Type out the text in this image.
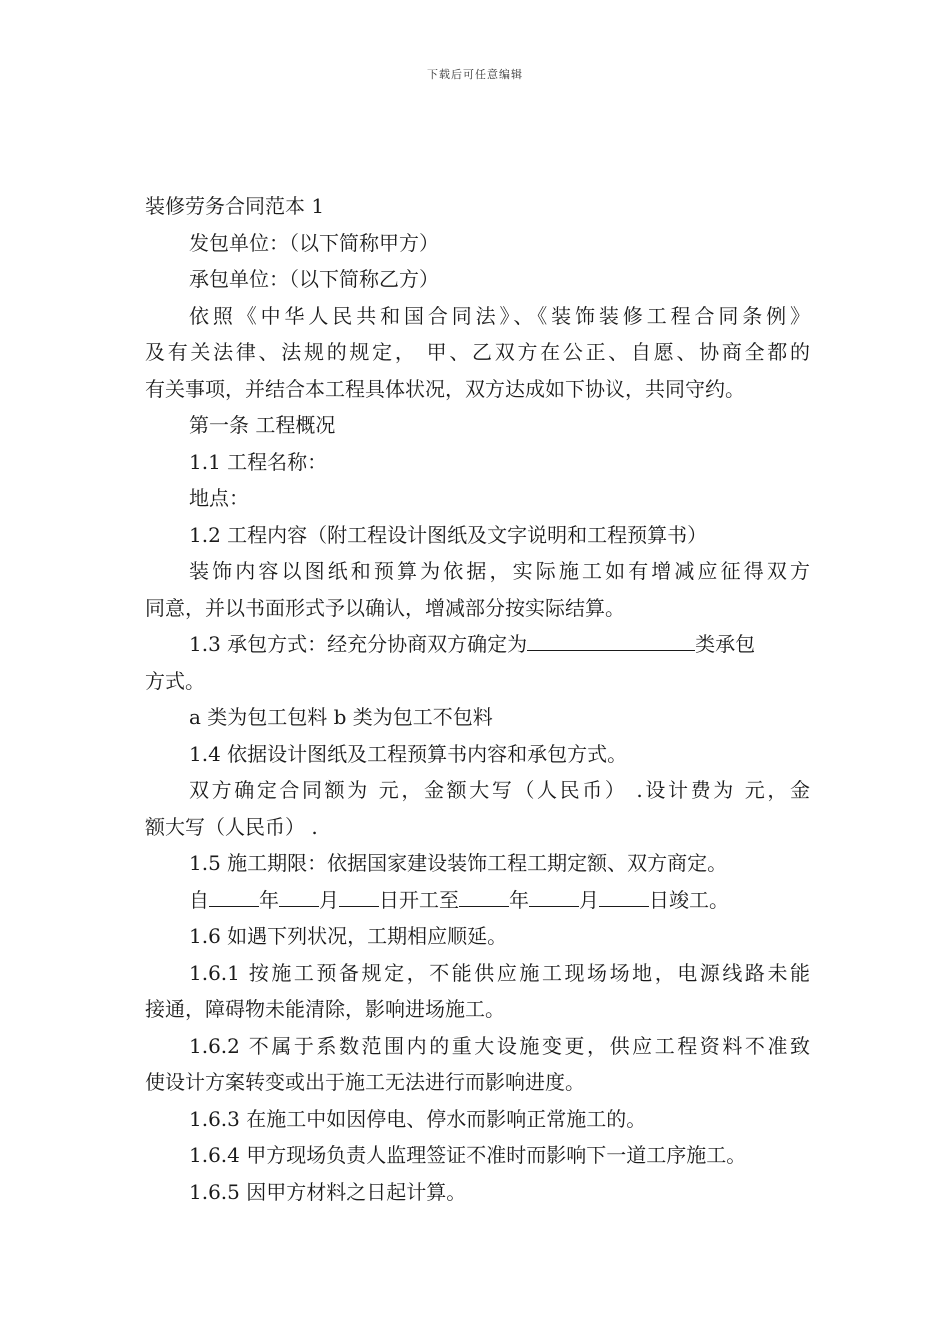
下载后可任意编辑
装修劳务合同范本 1
发包单位：（以下简称甲方）
承包单位：（以下简称乙方）
依照《中华人民共和国合同法》、《装饰装修工程合同条例》
及有关法律、法规的规定， 甲、乙双方在公正、自愿、协商全都的
有关事项，并结合本工程具体状况，双方达成如下协议，共同守约。
第一条 工程概况
1.1 工程名称：
地点：
1.2 工程内容（附工程设计图纸及文字说明和工程预算书）
装饰内容以图纸和预算为依据，实际施工如有增减应征得双方
同意，并以书面形式予以确认，增减部分按实际结算。
1.3 承包方式：经充分协商双方确定为	类承包
方式。
a 类为包工包料 b 类为包工不包料
1.4 依据设计图纸及工程预算书内容和承包方式。
双方确定合同额为 元，金额大写（人民币） .设计费为 元，金
额大写（人民币） .
1.5 施工期限：依据国家建设装饰工程工期定额、双方商定。
自	年 月 日开工至	年	月	日竣工。
1.6 如遇下列状况，工期相应顺延。
1.6.1 按施工预备规定，不能供应施工现场场地，电源线路未能
接通，障碍物未能清除，影响进场施工。
1.6.2 不属于系数范围内的重大设施变更，供应工程资料不准致
使设计方案转变或出于施工无法进行而影响进度。
1.6.3 在施工中如因停电、停水而影响正常施工的。
1.6.4 甲方现场负责人监理签证不准时而影响下一道工序施工。
1.6.5 因甲方材料之日起计算。
